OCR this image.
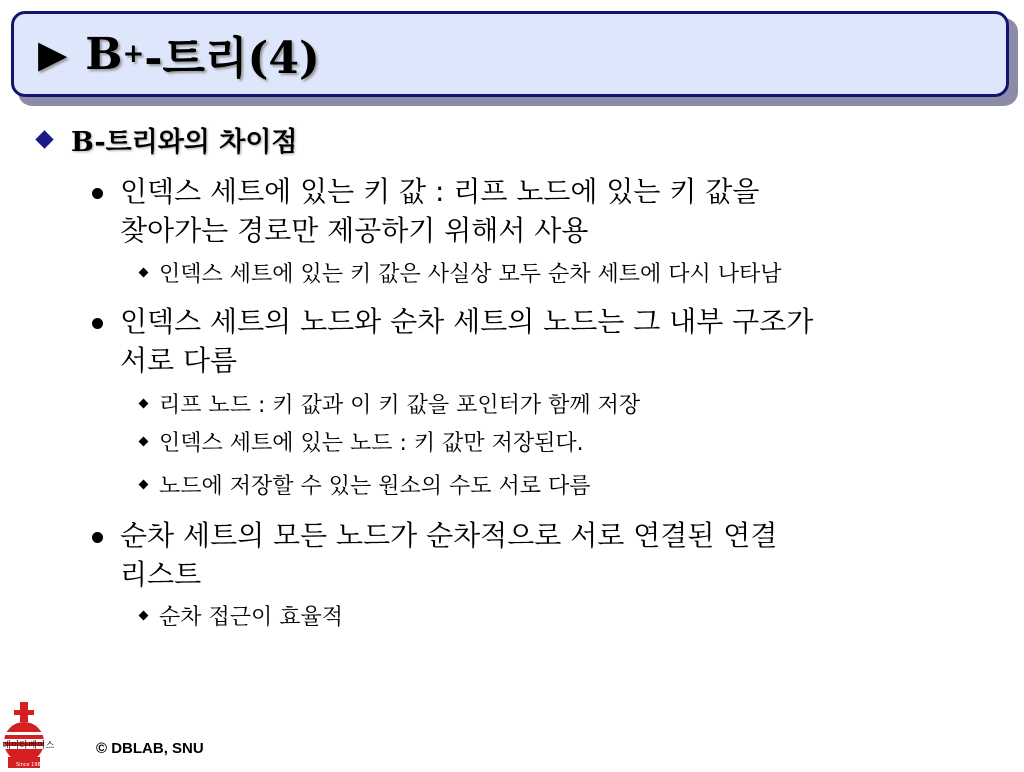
▶ B + -트리(4)
B-트리와의 차이점
인덱스 세트에 있는 키 값 : 리프 노드에 있는 키 값을
찾아가는 경로만 제공하기 위해서 사용
인덱스 세트에 있는 키 값은 사실상 모두 순차 세트에 다시 나타남
인덱스 세트의 노드와 순차 세트의 노드는 그 내부 구조가
서로 다름
리프 노드 : 키 값과 이 키 값을 포인터가 함께 저장
인덱스 세트에 있는 노드 : 키 값만 저장된다.
노드에 저장할 수 있는 원소의 수도 서로 다름
순차 세트의 모든 노드가 순차적으로 서로 연결된 연결
리스트
순차 접근이 효율적
데이타베이스
Since 1986
© DBLAB, SNU
